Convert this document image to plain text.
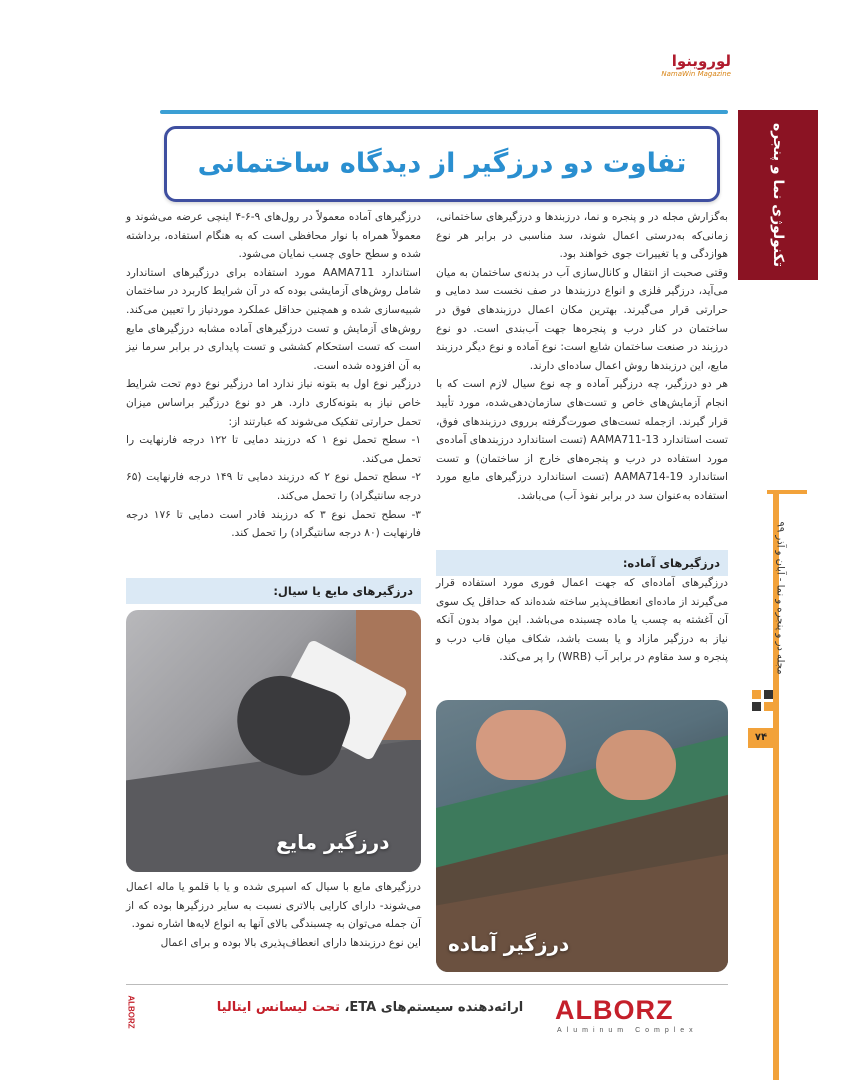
لوروینوا
NamaWin Magazine
تکنولوژی نما و پنجره
مجله در و پنجره و نما - آبان و آذر ۹۹
۷۴
تفاوت دو درزگیر از دیدگاه ساختمانی

به‌گزارش مجله در و پنجره و نما، درزبندها و درزگیرهای ساختمانی، زمانی‌که به‌درستی اعمال شوند، سد مناسبی در برابر هر نوع هوازدگی و یا تغییرات جوی خواهند بود.

وقتی صحبت از انتقال و کانال‌سازی آب در بدنه‌ی ساختمان به میان می‌آید، درزگیر فلزی و انواع درزبندها در صف نخست سد دمایی و حرارتی قرار می‌گیرند. بهترین مکان اعمال درزبندهای فوق در ساختمان در کنار درب و پنجره‌ها جهت آب‌بندی است. دو نوع درزبند در صنعت ساختمان شایع است: نوع آماده و نوع دیگر درزبند مایع، این درزبندها روش اعمال ساده‌ای دارند.

هر دو درزگیر، چه درزگیر آماده و چه نوع سیال لازم است که با انجام آزمایش‌های خاص و تست‌های سازمان‌دهی‌شده، مورد تأیید قرار گیرند. ازجمله تست‌های صورت‌گرفته برروی درزبندهای فوق، تست استاندارد AAMA711-13 (تست استاندارد درزبندهای آماده‌ی مورد استفاده در درب و پنجره‌های خارج از ساختمان) و تست استاندارد AAMA714-19 (تست استاندارد درزگیرهای مایع مورد استفاده به‌عنوان سد در برابر نفوذ آب) می‌باشد.

درزگیرهای آماده معمولاً در رول‌های ۹-۶-۴ اینچی عرضه می‌شوند و معمولاً همراه با نوار محافظی است که به هنگام استفاده، برداشته شده و سطح حاوی چسب نمایان می‌شود.

استاندارد AAMA711 مورد استفاده برای درزگیرهای استاندارد شامل روش‌های آزمایشی بوده که در آن شرایط کاربرد در ساختمان شبیه‌سازی شده و همچنین حداقل عملکرد موردنیاز را تعیین می‌کند. روش‌های آزمایش و تست درزگیرهای آماده مشابه درزگیرهای مایع است که تست استحکام کششی و تست پایداری در برابر سرما نیز به آن افزوده شده است.

درزگیر نوع اول به بتونه نیاز ندارد اما درزگیر نوع دوم تحت شرایط خاص نیاز به بتونه‌کاری دارد. هر دو نوع درزگیر براساس میزان تحمل حرارتی تفکیک می‌شوند که عبارتند از:

۱- سطح تحمل نوع ۱ که درزبند دمایی تا ۱۲۲ درجه فارنهایت را تحمل می‌کند.

۲- سطح تحمل نوع ۲ که درزبند دمایی تا ۱۴۹ درجه فارنهایت (۶۵ درجه سانتیگراد) را تحمل می‌کند.

۳- سطح تحمل نوع ۳ که درزبند قادر است دمایی تا ۱۷۶ درجه فارنهایت (۸۰ درجه سانتیگراد) را تحمل کند.

درزگیرهای آماده:
درزگیرهای مایع یا سیال:

درزگیرهای آماده‌ای که جهت اعمال فوری مورد استفاده قرار می‌گیرند از ماده‌ای انعطاف‌پذیر ساخته شده‌اند که حداقل یک سوی آن آغشته به چسب یا ماده چسبنده می‌باشد. این مواد بدون آنکه نیاز به درزگیر مازاد و یا بست باشد، شکاف میان قاب درب و پنجره و سد مقاوم در برابر آب (WRB) را پر می‌کند.

درزگیر مایع
درزگیر آماده

درزگیرهای مایع با سیال که اسپری شده و یا با قلمو یا ماله اعمال می‌شوند- دارای کارایی بالاتری نسبت به سایر درزگیرها بوده که از آن جمله می‌توان به چسبندگی بالای آنها به انواع لایه‌ها اشاره نمود.

این نوع درزبندها دارای انعطاف‌پذیری بالا بوده و برای اعمال

ارائه‌دهنده سیستم‌های ETA، تحت لیسانس ایتالیا	ALBORZ
Aluminum Complex
ALBORZ
